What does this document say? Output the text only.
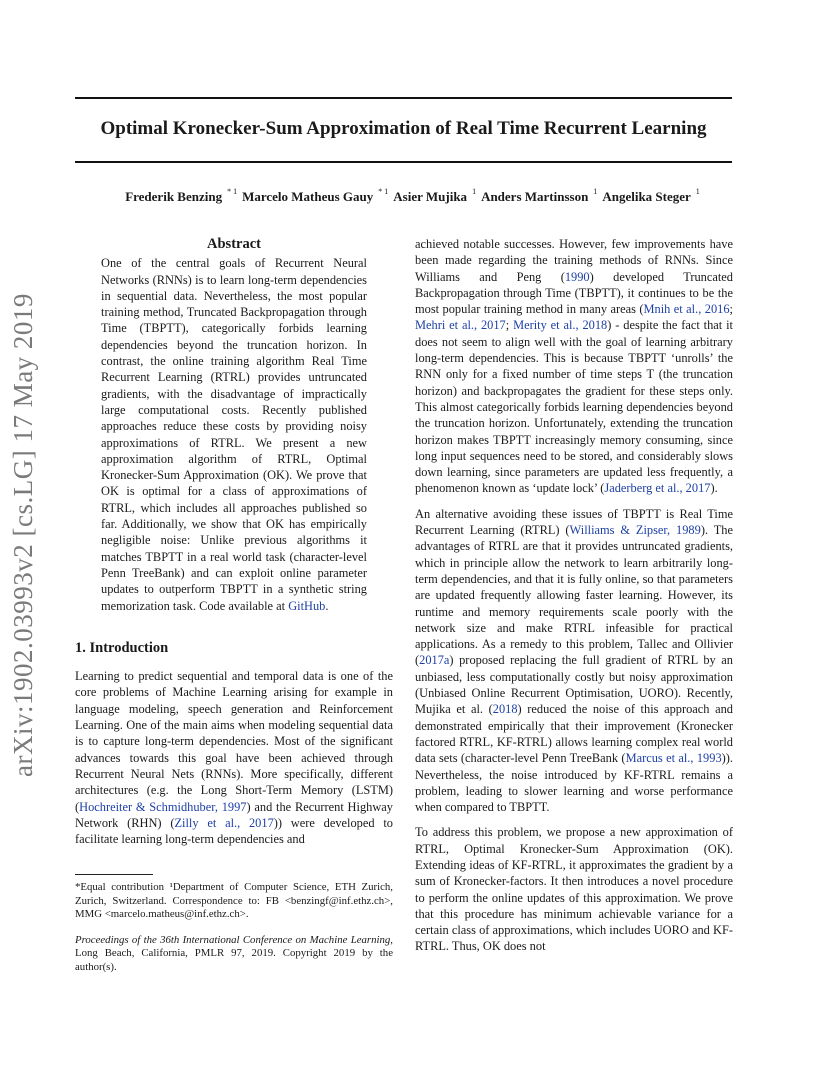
Optimal Kronecker-Sum Approximation of Real Time Recurrent Learning
Frederik Benzing $^{* 1}$ Marcelo Matheus Gauy $^{* 1}$ Asier Mujika $^1$ Anders Martinsson $^1$ Angelika Steger $^1$
arXiv:1902.03993v2 [cs.LG] 17 May 2019
Abstract
One of the central goals of Recurrent Neural Networks (RNNs) is to learn long-term dependencies in sequential data. Nevertheless, the most popular training method, Truncated Backpropagation through Time (TBPTT), categorically forbids learning dependencies beyond the truncation horizon. In contrast, the online training algorithm Real Time Recurrent Learning (RTRL) provides untruncated gradients, with the disadvantage of impractically large computational costs. Recently published approaches reduce these costs by providing noisy approximations of RTRL. We present a new approximation algorithm of RTRL, Optimal Kronecker-Sum Approximation (OK). We prove that OK is optimal for a class of approximations of RTRL, which includes all approaches published so far. Additionally, we show that OK has empirically negligible noise: Unlike previous algorithms it matches TBPTT in a real world task (character-level Penn TreeBank) and can exploit online parameter updates to outperform TBPTT in a synthetic string memorization task. Code available at GitHub.
1. Introduction

Learning to predict sequential and temporal data is one of the core problems of Machine Learning arising for example in language modeling, speech generation and Reinforcement Learning. One of the main aims when modeling sequential data is to capture long-term dependencies. Most of the significant advances towards this goal have been achieved through Recurrent Neural Nets (RNNs). More specifically, different architectures (e.g. the Long Short-Term Memory (LSTM) (Hochreiter & Schmidhuber, 1997) and the Recurrent Highway Network (RHN) (Zilly et al., 2017)) were developed to facilitate learning long-term dependencies and

*Equal contribution ¹Department of Computer Science, ETH Zurich, Zurich, Switzerland. Correspondence to: FB <benzingf@inf.ethz.ch>, MMG <marcelo.matheus@inf.ethz.ch>.
Proceedings of the 36th International Conference on Machine Learning, Long Beach, California, PMLR 97, 2019. Copyright 2019 by the author(s).

achieved notable successes. However, few improvements have been made regarding the training methods of RNNs. Since Williams and Peng (1990) developed Truncated Backpropagation through Time (TBPTT), it continues to be the most popular training method in many areas (Mnih et al., 2016; Mehri et al., 2017; Merity et al., 2018) - despite the fact that it does not seem to align well with the goal of learning arbitrary long-term dependencies. This is because TBPTT ‘unrolls’ the RNN only for a fixed number of time steps T (the truncation horizon) and backpropagates the gradient for these steps only. This almost categorically forbids learning dependencies beyond the truncation horizon. Unfortunately, extending the truncation horizon makes TBPTT increasingly memory consuming, since long input sequences need to be stored, and considerably slows down learning, since parameters are updated less frequently, a phenomenon known as ‘update lock’ (Jaderberg et al., 2017).

An alternative avoiding these issues of TBPTT is Real Time Recurrent Learning (RTRL) (Williams & Zipser, 1989). The advantages of RTRL are that it provides untruncated gradients, which in principle allow the network to learn arbitrarily long-term dependencies, and that it is fully online, so that parameters are updated frequently allowing faster learning. However, its runtime and memory requirements scale poorly with the network size and make RTRL infeasible for practical applications. As a remedy to this problem, Tallec and Ollivier (2017a) proposed replacing the full gradient of RTRL by an unbiased, less computationally costly but noisy approximation (Unbiased Online Recurrent Optimisation, UORO). Recently, Mujika et al. (2018) reduced the noise of this approach and demonstrated empirically that their improvement (Kronecker factored RTRL, KF-RTRL) allows learning complex real world data sets (character-level Penn TreeBank (Marcus et al., 1993)). Nevertheless, the noise introduced by KF-RTRL remains a problem, leading to slower learning and worse performance when compared to TBPTT.

To address this problem, we propose a new approximation of RTRL, Optimal Kronecker-Sum Approximation (OK). Extending ideas of KF-RTRL, it approximates the gradient by a sum of Kronecker-factors. It then introduces a novel procedure to perform the online updates of this approximation. We prove that this procedure has minimum achievable variance for a certain class of approximations, which includes UORO and KF-RTRL. Thus, OK does not
